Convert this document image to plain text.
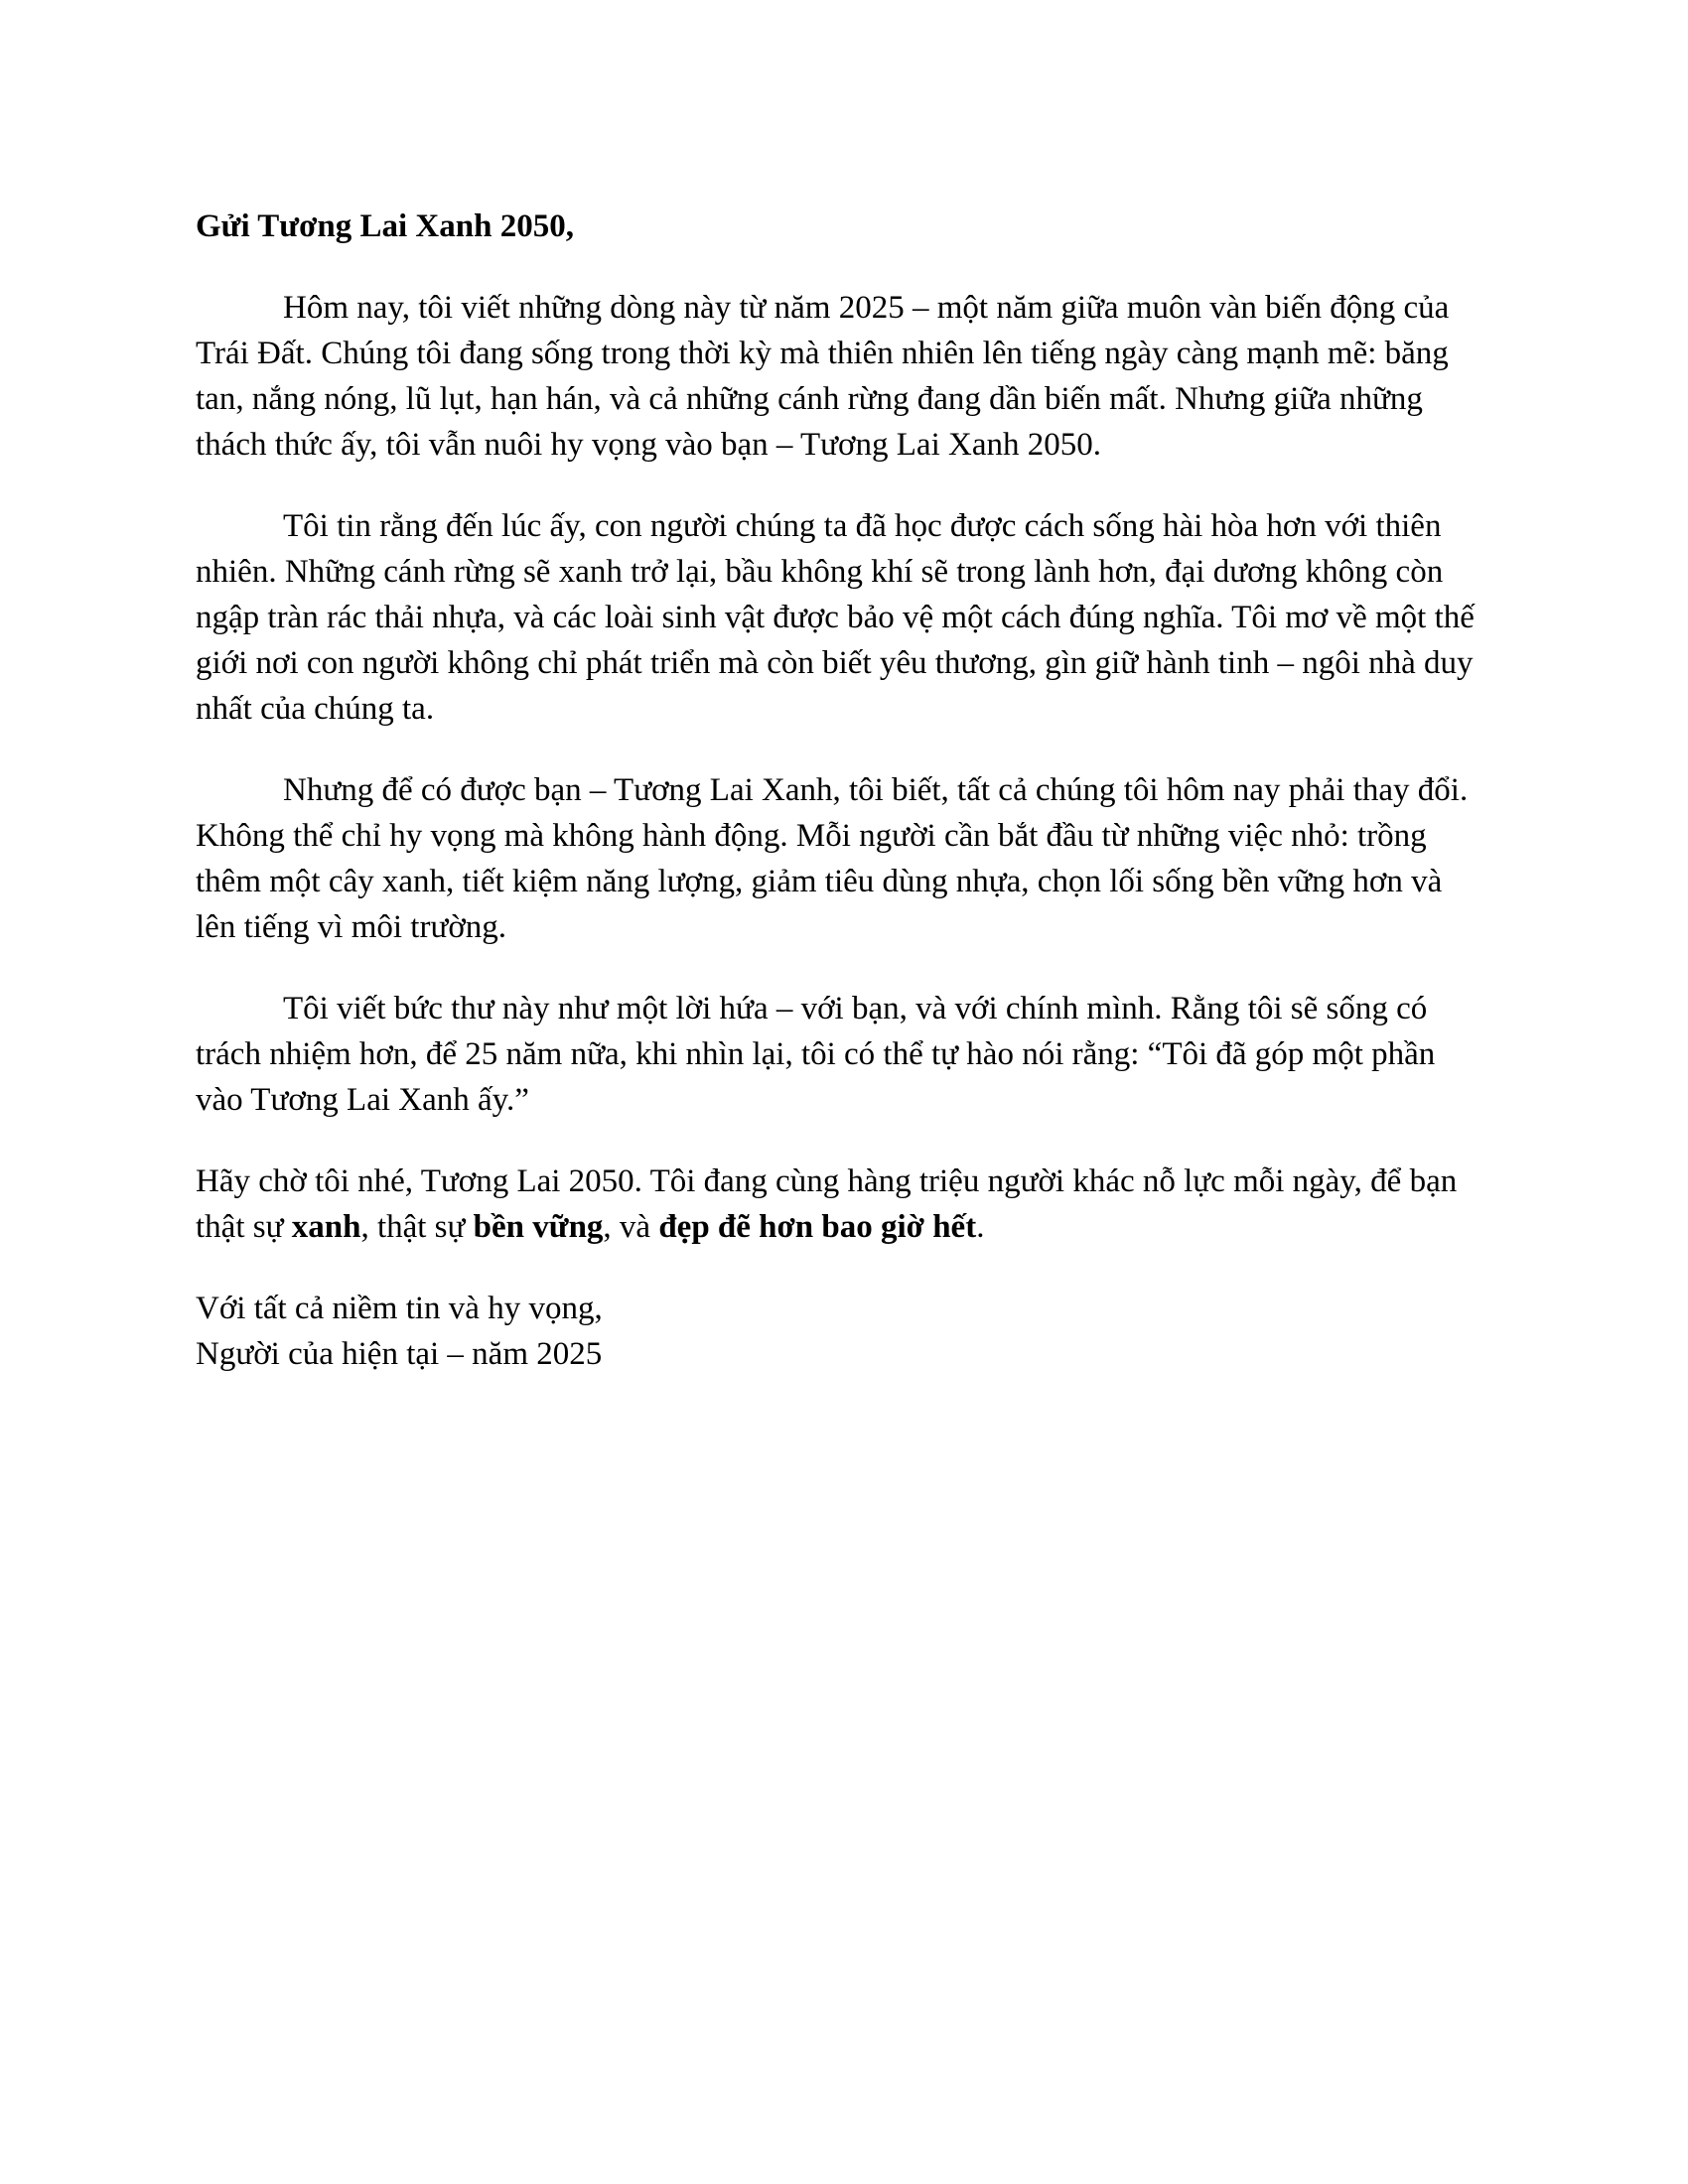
Gửi Tương Lai Xanh 2050,

Hôm nay, tôi viết những dòng này từ năm 2025 – một năm giữa muôn vàn biến động của Trái Đất. Chúng tôi đang sống trong thời kỳ mà thiên nhiên lên tiếng ngày càng mạnh mẽ: băng tan, nắng nóng, lũ lụt, hạn hán, và cả những cánh rừng đang dần biến mất. Nhưng giữa những thách thức ấy, tôi vẫn nuôi hy vọng vào bạn – Tương Lai Xanh 2050.

Tôi tin rằng đến lúc ấy, con người chúng ta đã học được cách sống hài hòa hơn với thiên nhiên. Những cánh rừng sẽ xanh trở lại, bầu không khí sẽ trong lành hơn, đại dương không còn ngập tràn rác thải nhựa, và các loài sinh vật được bảo vệ một cách đúng nghĩa. Tôi mơ về một thế giới nơi con người không chỉ phát triển mà còn biết yêu thương, gìn giữ hành tinh – ngôi nhà duy nhất của chúng ta.

Nhưng để có được bạn – Tương Lai Xanh, tôi biết, tất cả chúng tôi hôm nay phải thay đổi. Không thể chỉ hy vọng mà không hành động. Mỗi người cần bắt đầu từ những việc nhỏ: trồng thêm một cây xanh, tiết kiệm năng lượng, giảm tiêu dùng nhựa, chọn lối sống bền vững hơn và lên tiếng vì môi trường.

Tôi viết bức thư này như một lời hứa – với bạn, và với chính mình. Rằng tôi sẽ sống có trách nhiệm hơn, để 25 năm nữa, khi nhìn lại, tôi có thể tự hào nói rằng: “Tôi đã góp một phần vào Tương Lai Xanh ấy.”

Hãy chờ tôi nhé, Tương Lai 2050. Tôi đang cùng hàng triệu người khác nỗ lực mỗi ngày, để bạn thật sự xanh, thật sự bền vững, và đẹp đẽ hơn bao giờ hết.

Với tất cả niềm tin và hy vọng,

Người của hiện tại – năm 2025
